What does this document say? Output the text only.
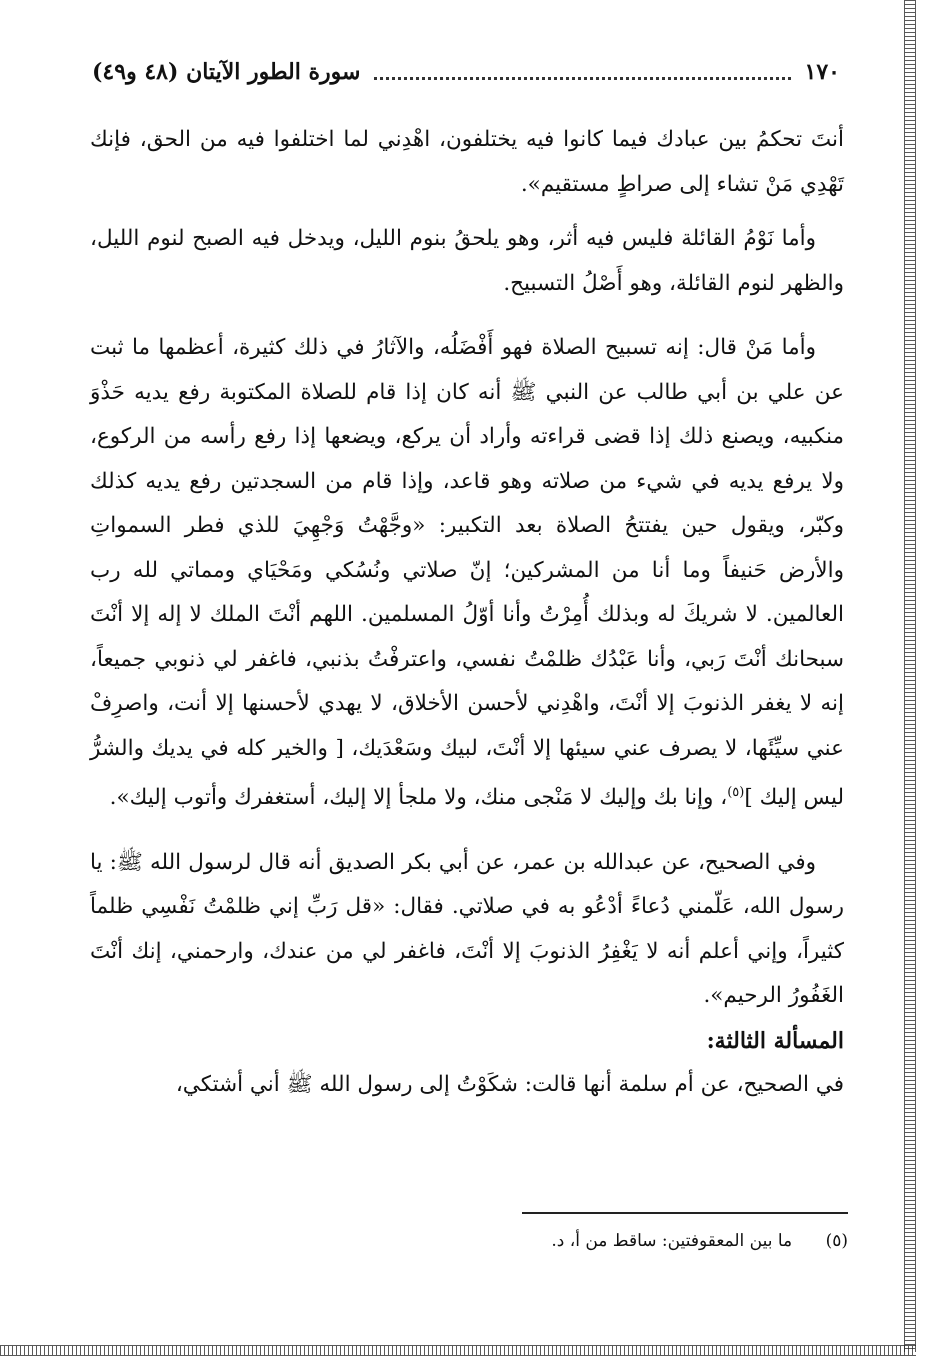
١٧٠
سورة الطور الآيتان (٤٨ و٤٩)

أنتَ تحكمُ بين عبادك فيما كانوا فيه يختلفون، اهْدِني لما اختلفوا فيه من الحق، فإنك تَهْدِي مَنْ تشاء إلى صراطٍ مستقيم».

وأما نَوْمُ القائلة فليس فيه أثر، وهو يلحقُ بنوم الليل، ويدخل فيه الصبح لنوم الليل، والظهر لنوم القائلة، وهو أَصْلُ التسبيح.

وأما مَنْ قال: إنه تسبيح الصلاة فهو أَفْضَلُه، والآثارُ في ذلك كثيرة، أعظمها ما ثبت عن علي بن أبي طالب عن النبي ﷺ أنه كان إذا قام للصلاة المكتوبة رفع يديه حَذْوَ منكبيه، ويصنع ذلك إذا قضى قراءته وأراد أن يركع، ويضعها إذا رفع رأسه من الركوع، ولا يرفع يديه في شيء من صلاته وهو قاعد، وإذا قام من السجدتين رفع يديه كذلك وكبّر، ويقول حين يفتتحُ الصلاة بعد التكبير: «وجَّهْتُ وَجْهِيَ للذي فطر السمواتِ والأرض حَنيفاً وما أنا من المشركين؛ إنّ صلاتي ونُسُكي ومَحْيَاي ومماتي لله رب العالمين. لا شريكَ له وبذلك أُمِرْتُ وأنا أوّلُ المسلمين. اللهم أنْتَ الملك لا إله إلا أنْتَ سبحانك أنْتَ رَبي، وأنا عَبْدُك ظلمْتُ نفسي، واعترفْتُ بذنبي، فاغفر لي ذنوبي جميعاً، إنه لا يغفر الذنوبَ إلا أنْتَ، واهْدِني لأحسن الأخلاق، لا يهدي لأحسنها إلا أنت، واصرِفْ عني سيِّئَها، لا يصرف عني سيئها إلا أنْتَ، لبيك وسَعْدَيك، [ والخير كله في يديك والشرُّ ليس إليك ]$^{(٥)}$، وإنا بك وإليك لا مَنْجى منك، ولا ملجأ إلا إليك، أستغفرك وأتوب إليك».

وفي الصحيح، عن عبدالله بن عمر، عن أبي بكر الصديق أنه قال لرسول الله ﷺ: يا رسول الله، عَلّمني دُعاءً أدْعُو به في صلاتي. فقال: «قل رَبِّ إني ظلمْتُ نَفْسِي ظلماً كثيراً، وإني أعلم أنه لا يَغْفِرُ الذنوبَ إلا أنْتَ، فاغفر لي من عندك، وارحمني، إنك أنْتَ الغَفُورُ الرحيم».

المسألة الثالثة:

في الصحيح، عن أم سلمة أنها قالت: شكَوْتُ إلى رسول الله ﷺ أني أشتكي،

(٥) ما بين المعقوفتين: ساقط من أ، د.
